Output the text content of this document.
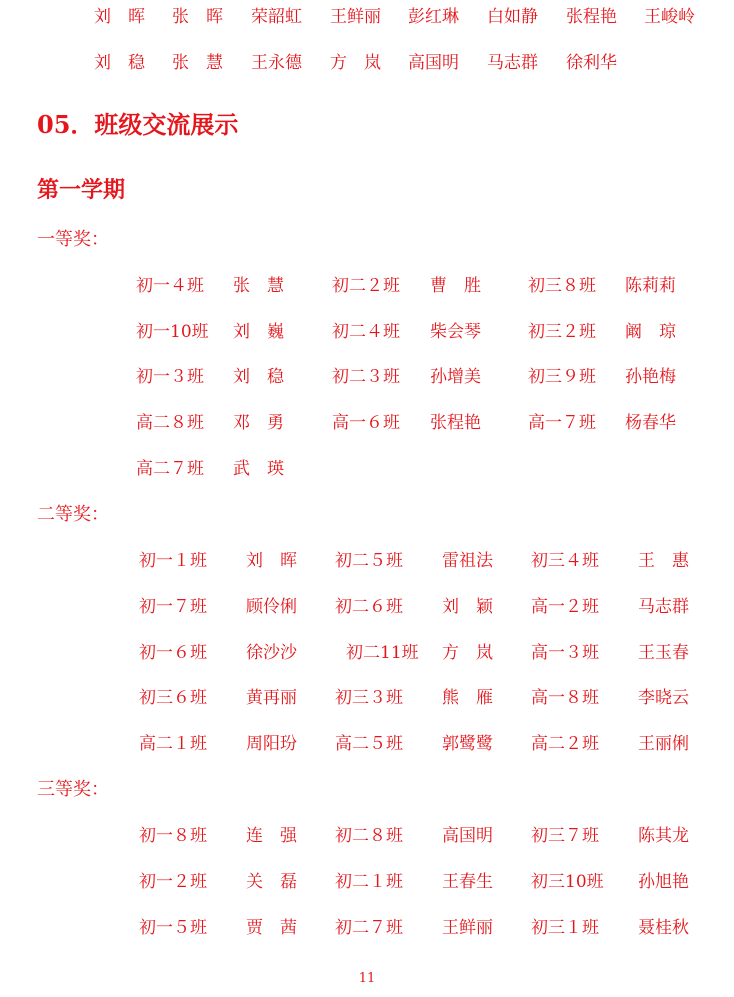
刘　晖 张　晖 荣韶虹 王鲜丽 彭红琳 白如静 张程艳 王峻岭
刘　稳 张　慧 王永德 方　岚 高国明 马志群 徐利华
05．班级交流展示
第一学期
一等奖：
初一４班 张　慧	初二２班 曹　胜	初三８班 陈莉莉
初一10班 刘　巍	初二４班 柴会琴	初三２班 阚　琼
初一３班 刘　稳	初二３班 孙增美	初三９班 孙艳梅
高二８班 邓　勇	高一６班 张程艳	高一７班 杨春华
高二７班 武　瑛
二等奖：
初一１班 刘　晖 初二５班 雷祖法 初三４班 王　惠
初一７班 顾伶俐 初二６班 刘　颖 高一２班 马志群
初一６班 徐沙沙	初二11班 方　岚 高一３班 王玉春
初三６班 黄再丽 初三３班 熊　雁 高一８班 李晓云
高二１班 周阳玢 高二５班 郭鹭鹭 高二２班 王丽俐
三等奖：
初一８班 连　强 初二８班 高国明 初三７班 陈其龙
初一２班 关　磊 初二１班 王春生 初三10班 孙旭艳
初一５班 贾　茜 初二７班 王鲜丽 初三１班 聂桂秋
11
